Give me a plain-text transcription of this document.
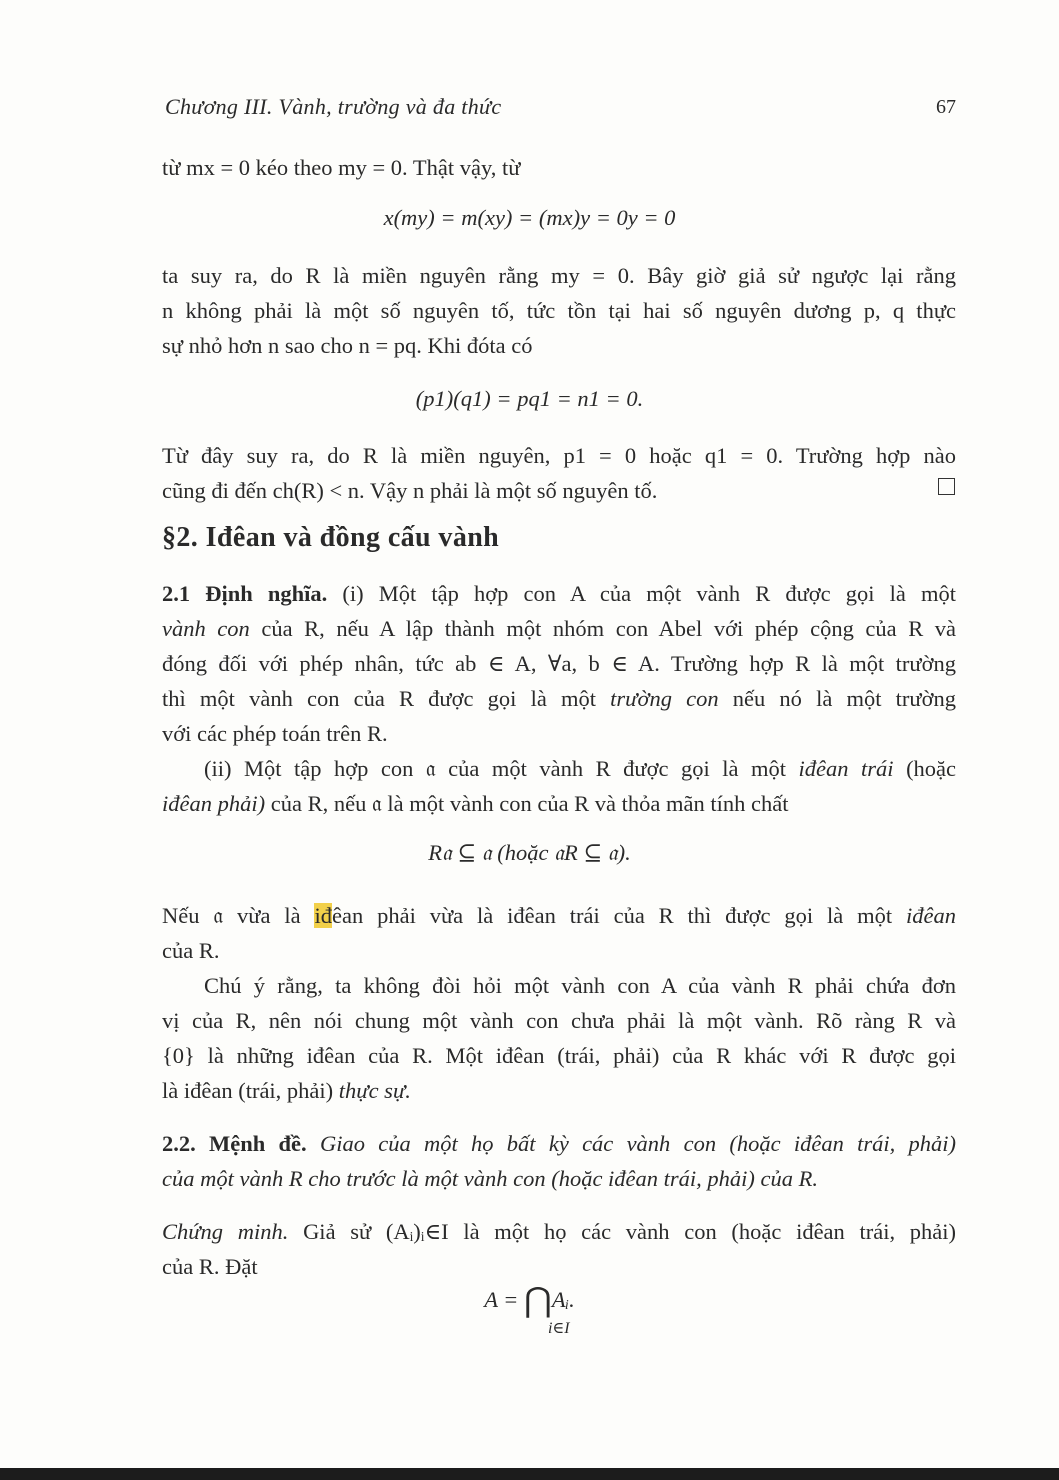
Chương III. Vành, trường và đa thức	67
từ mx = 0 kéo theo my = 0. Thật vậy, từ
x(my) = m(xy) = (mx)y = 0y = 0
ta suy ra, do R là miền nguyên rằng my = 0. Bây giờ giả sử ngược lại rằng
n không phải là một số nguyên tố, tức tồn tại hai số nguyên dương p, q thực
sự nhỏ hơn n sao cho n = pq. Khi đóta có
(p1)(q1) = pq1 = n1 = 0.
Từ đây suy ra, do R là miền nguyên, p1 = 0 hoặc q1 = 0. Trường hợp nào
cũng đi đến ch(R) < n. Vậy n phải là một số nguyên tố.
§2. Iđêan và đồng cấu vành
2.1 Định nghĩa. (i) Một tập hợp con A của một vành R được gọi là một
vành con của R, nếu A lập thành một nhóm con Abel với phép cộng của R và
đóng đối với phép nhân, tức ab ∈ A, ∀a, b ∈ A. Trường hợp R là một trường
thì một vành con của R được gọi là một trường con nếu nó là một trường
với các phép toán trên R.
(ii) Một tập hợp con 𝔞 của một vành R được gọi là một iđêan trái (hoặc
iđêan phải) của R, nếu 𝔞 là một vành con của R và thỏa mãn tính chất
R𝔞 ⊆ 𝔞 (hoặc 𝔞R ⊆ 𝔞).
Nếu 𝔞 vừa là iđêan phải vừa là iđêan trái của R thì được gọi là một iđêan
của R.
Chú ý rằng, ta không đòi hỏi một vành con A của vành R phải chứa đơn
vị của R, nên nói chung một vành con chưa phải là một vành. Rõ ràng R và
{0} là những iđêan của R. Một iđêan (trái, phải) của R khác với R được gọi
là iđêan (trái, phải) thực sự.
2.2. Mệnh đề. Giao của một họ bất kỳ các vành con (hoặc iđêan trái, phải)
của một vành R cho trước là một vành con (hoặc iđêan trái, phải) của R.
Chứng minh. Giả sử (Aᵢ)ᵢ∈I là một họ các vành con (hoặc iđêan trái, phải)
của R. Đặt
A = ⋂Aᵢ.
i∈I
